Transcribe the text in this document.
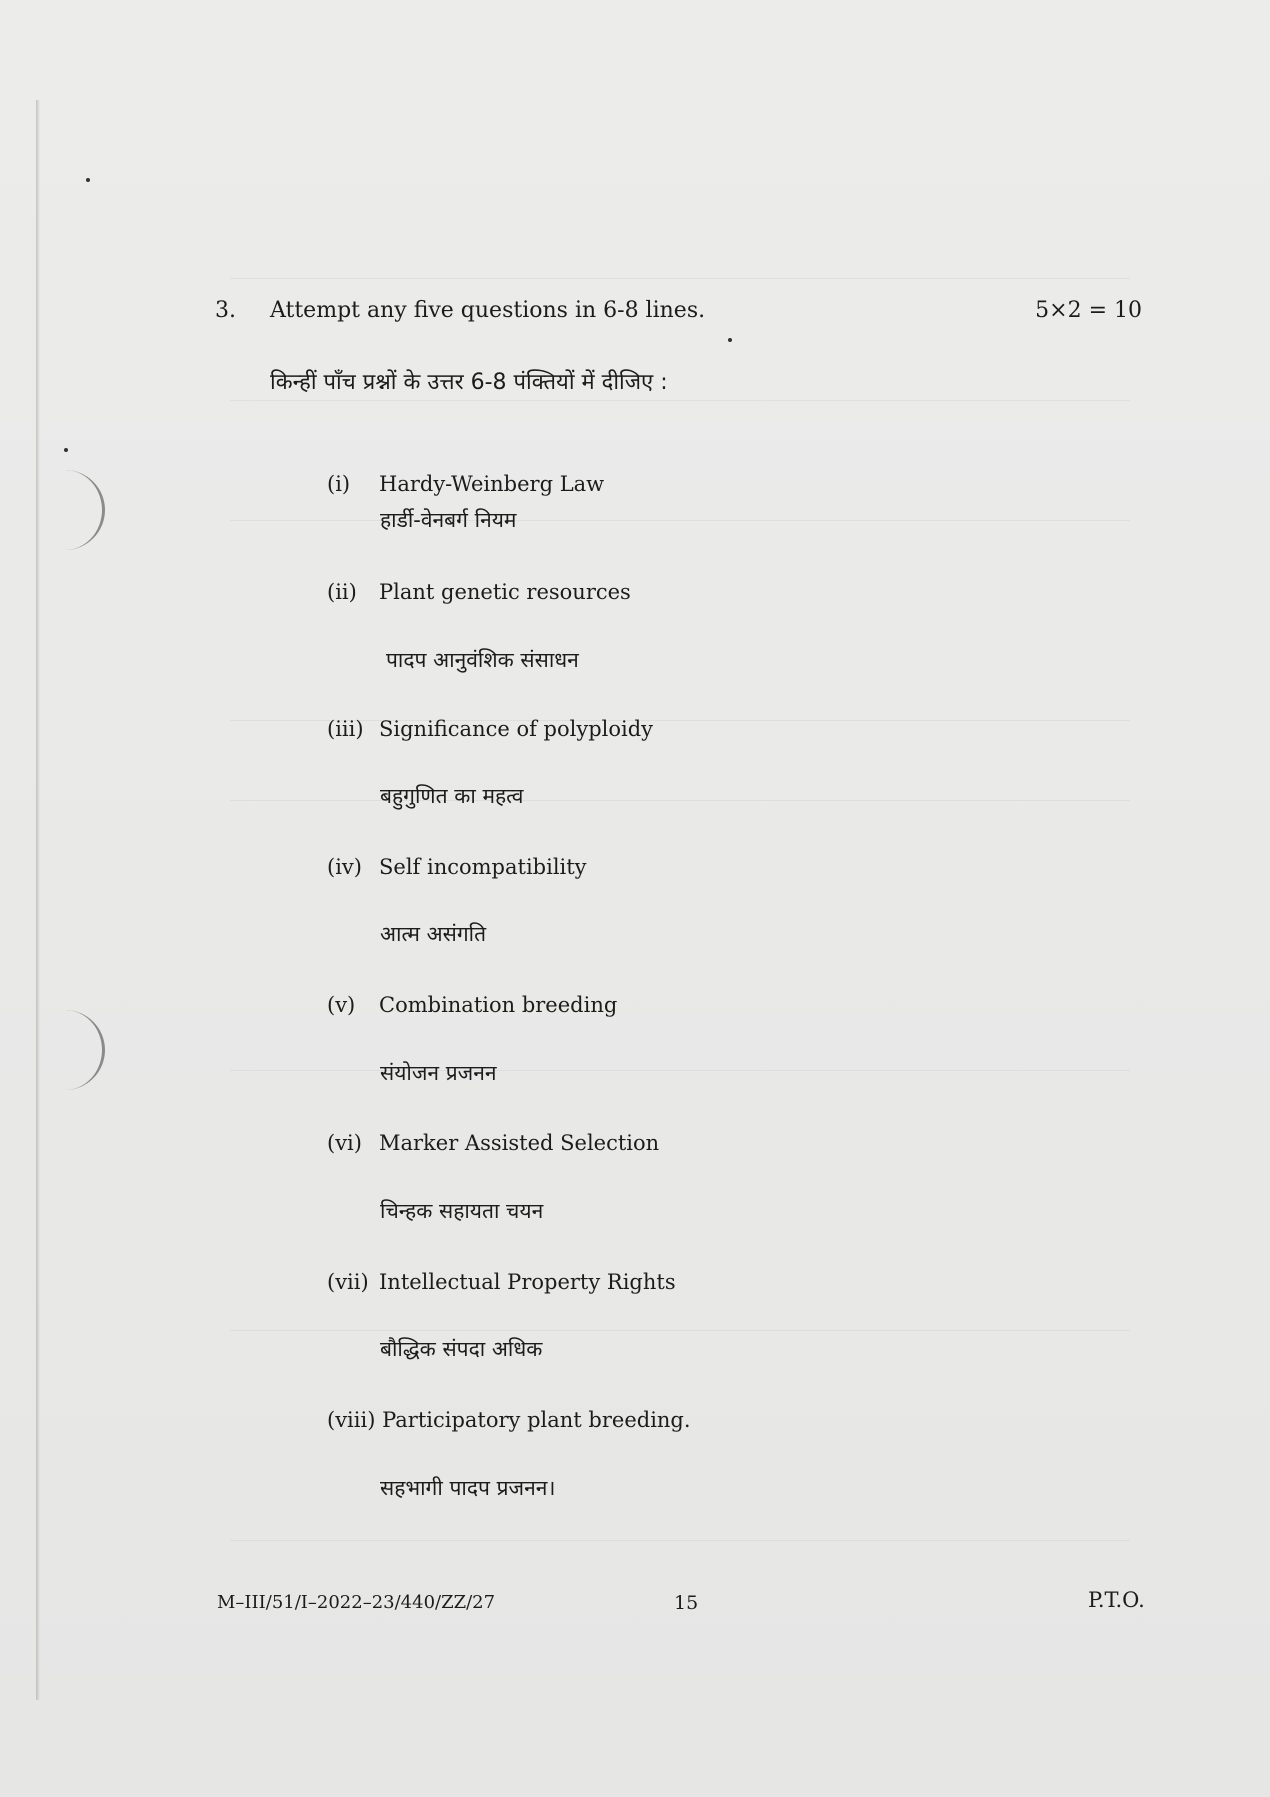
3. Attempt any five questions in 6-8 lines.	5×2 = 10
किन्हीं पाँच प्रश्नों के उत्तर 6-8 पंक्तियों में दीजिए :
(i) Hardy-Weinberg Law
हार्डी-वेनबर्ग नियम
(ii) Plant genetic resources
पादप आनुवंशिक संसाधन
(iii) Significance of polyploidy
बहुगुणित का महत्व
(iv) Self incompatibility
आत्म असंगति
(v) Combination breeding
संयोजन प्रजनन
(vi) Marker Assisted Selection
चिन्हक सहायता चयन
(vii) Intellectual Property Rights
बौद्धिक संपदा अधिक
(viii) Participatory plant breeding.
सहभागी पादप प्रजनन।
M–III/51/I–2022–23/440/ZZ/27	15	P.T.O.
